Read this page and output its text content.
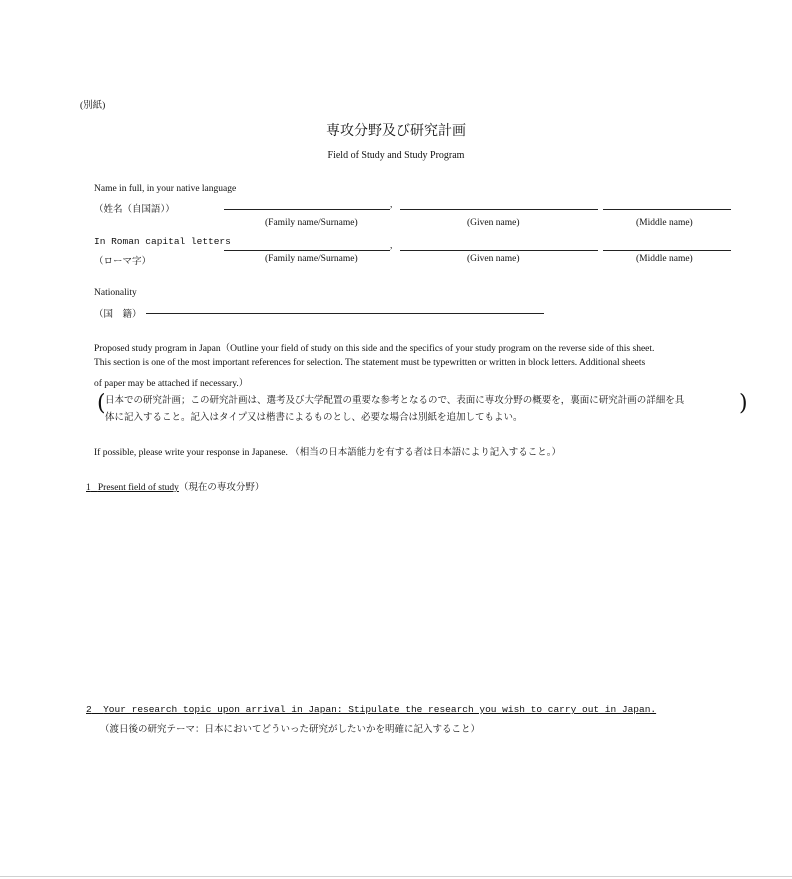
(別紙)
専攻分野及び研究計画
Field of Study and Study Program
Name in full, in your native language
（姓名（自国語））	,
(Family name/Surname)	(Given name)	(Middle name)
In Roman capital letters
（ローマ字）
,
(Family name/Surname)	(Given name)	(Middle name)
Nationality
（国　籍）
Proposed study program in Japan（Outline your field of study on this side and the specifics of your study program on the reverse side of this sheet.
This section is one of the most important references for selection. The statement must be typewritten or written in block letters. Additional sheets
of paper may be attached if necessary.）
( 日本での研究計画；この研究計画は、選考及び大学配置の重要な参考となるので、表面に専攻分野の概要を，裏面に研究計画の詳細を具
体に記入すること。記入はタイプ又は楷書によるものとし、必要な場合は別紙を追加してもよい。
)
If possible, please write your response in Japanese. （相当の日本語能力を有する者は日本語により記入すること。）
1 Present field of study（現在の専攻分野）
2 Your research topic upon arrival in Japan: Stipulate the research you wish to carry out in Japan.
（渡日後の研究テーマ：日本においてどういった研究がしたいかを明確に記入すること）
